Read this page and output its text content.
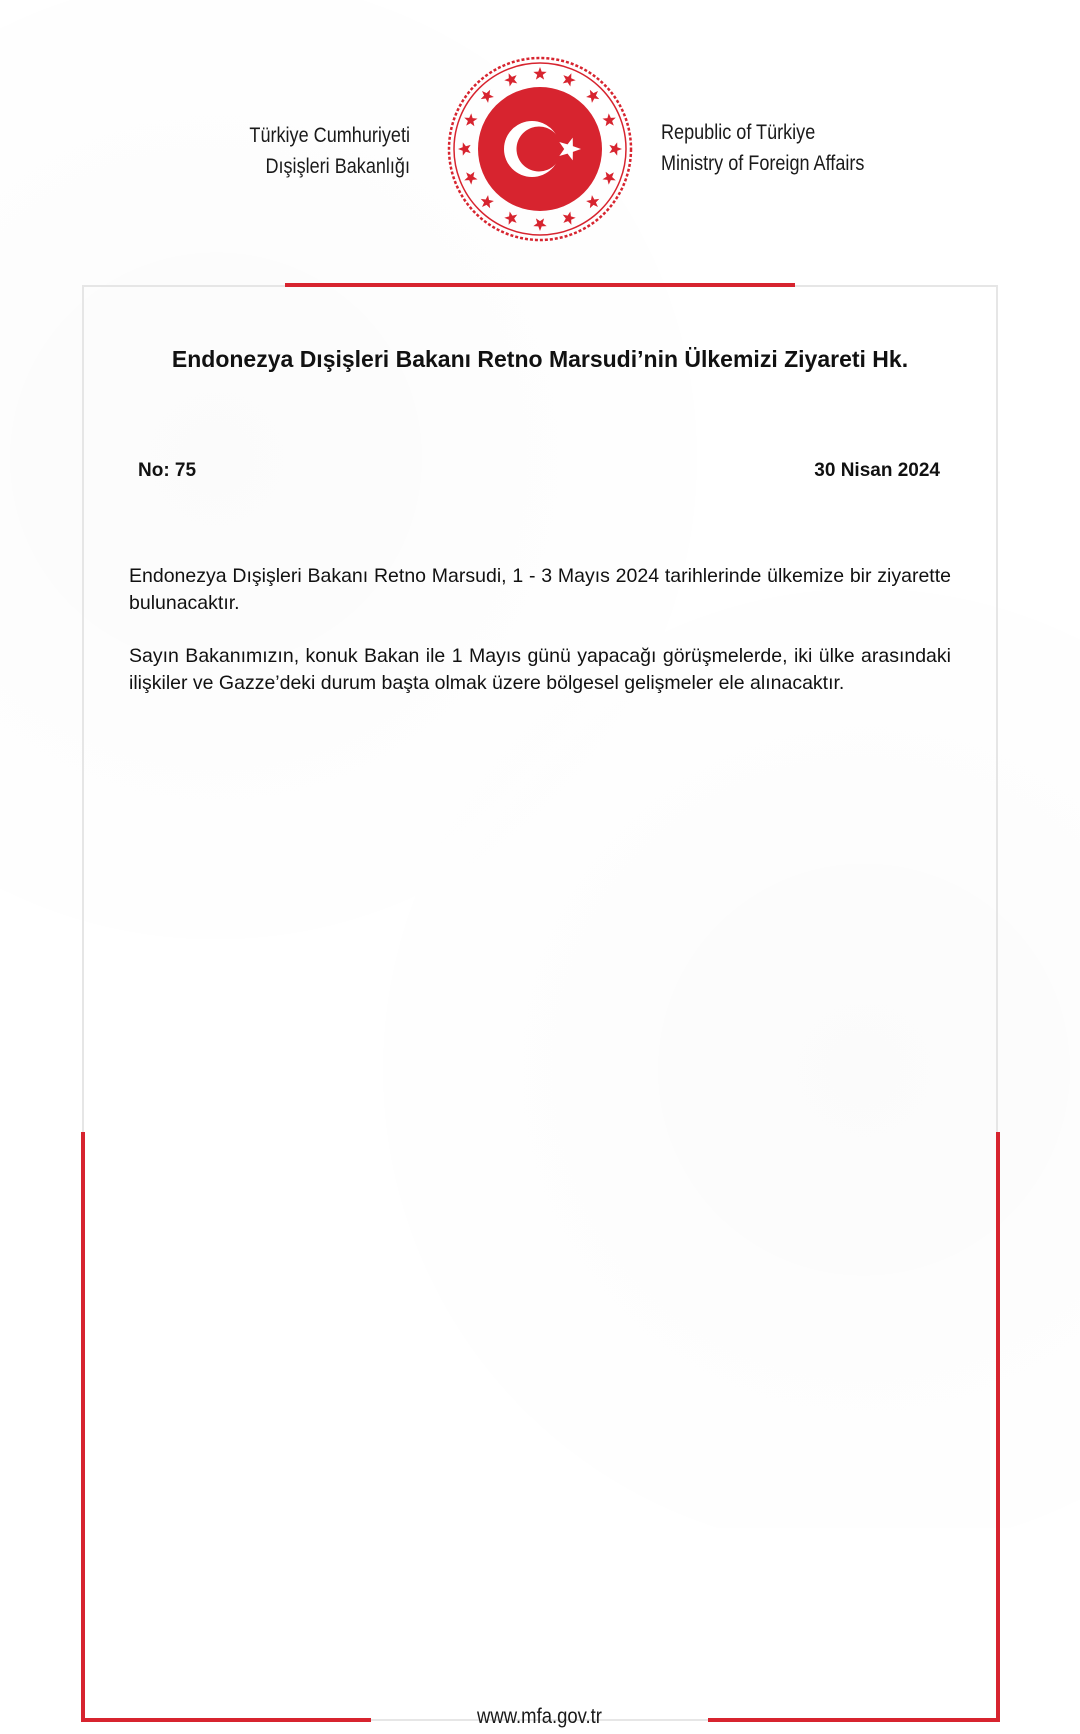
Türkiye Cumhuriyeti
Dışişleri Bakanlığı
Republic of Türkiye
Ministry of Foreign Affairs
Endonezya Dışişleri Bakanı Retno Marsudi’nin Ülkemizi Ziyareti Hk.
No: 75	30 Nisan 2024

Endonezya Dışişleri Bakanı Retno Marsudi, 1 - 3 Mayıs 2024 tarihlerinde ülkemize bir ziyarette bulunacaktır.

Sayın Bakanımızın, konuk Bakan ile 1 Mayıs günü yapacağı görüşmelerde, iki ülke arasındaki ilişkiler ve Gazze’deki durum başta olmak üzere bölgesel gelişmeler ele alınacaktır.

www.mfa.gov.tr
